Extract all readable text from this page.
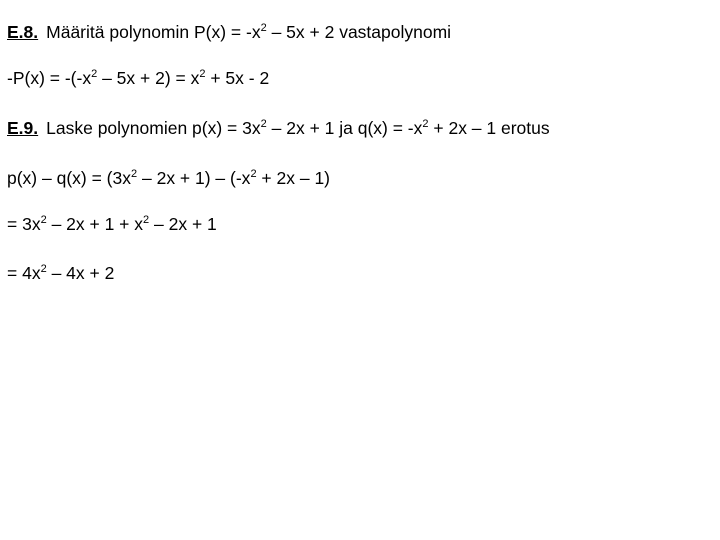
E.8. Määritä polynomin $P(x) = -x^2 - 5x + 2$ vastapolynomi
$-P(x) = -(-x^2 - 5x + 2) = x^2 + 5x - 2$
E.9. Laske polynomien $p(x) = 3x^2 - 2x + 1$ ja $q(x) = -x^2 + 2x - 1$ erotus
$p(x) - q(x) = (3x^2 - 2x + 1) - (-x^2 + 2x - 1)$
= $3x^2 - 2x + 1 + x^2 - 2x + 1$
= $4x^2 - 4x + 2$
